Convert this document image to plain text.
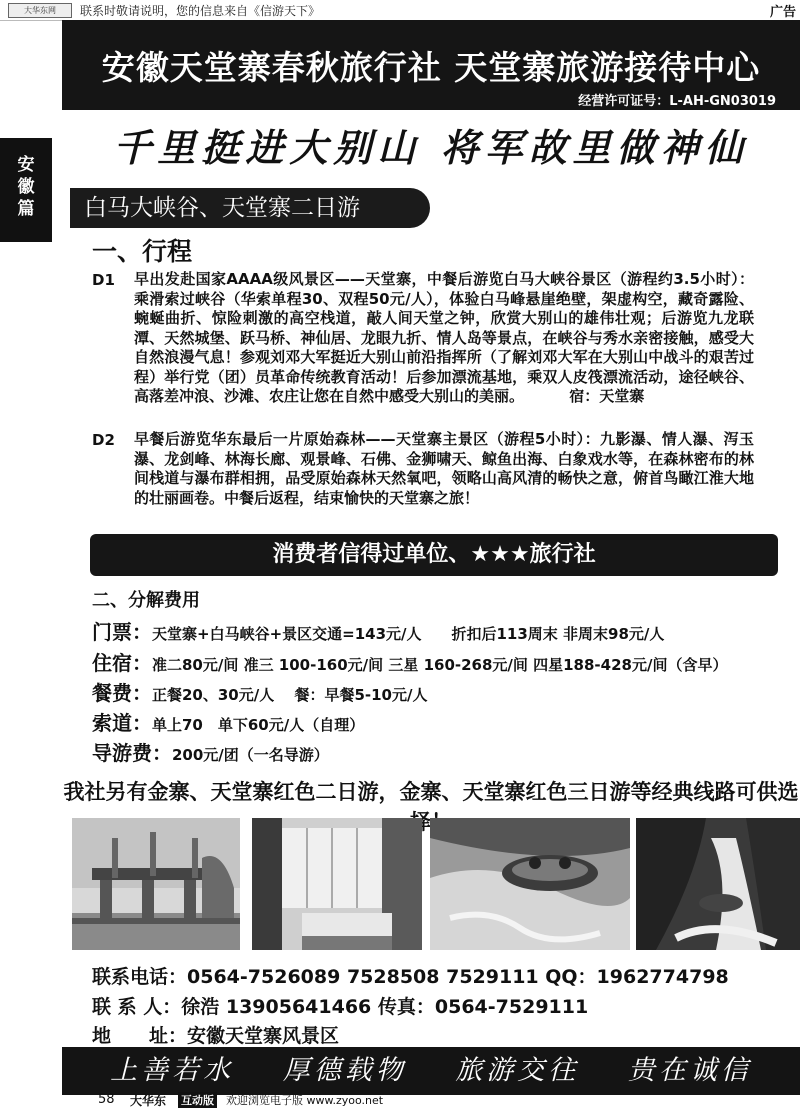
大华东网	联系时敬请说明，您的信息来自《信游天下》	广告
安徽天堂寨春秋旅行社 天堂寨旅游接待中心
经营许可证号：L-AH-GN03019
安
徽
篇
千里挺进大别山 将军故里做神仙
白马大峡谷、天堂寨二日游
一、行程
D1 早出发赴国家AAAA级风景区——天堂寨，中餐后游览白马大峡谷景区（游程约3.5小时）：乘滑索过峡谷（华索单程30、双程50元/人），体验白马峰悬崖绝壁，架虚构空，藏奇露险、蜿蜒曲折、惊险刺激的高空栈道，敲人间天堂之钟，欣赏大别山的雄伟壮观；后游览九龙联潭、天然城堡、跃马桥、神仙居、龙眼九折、情人岛等景点，在峡谷与秀水亲密接触，感受大自然浪漫气息！参观刘邓大军挺近大别山前沿指挥所（了解刘邓大军在大别山中战斗的艰苦过程）举行党（团）员革命传统教育活动！后参加漂流基地，乘双人皮筏漂流活动，途径峡谷、高落差冲浪、沙滩、农庄让您在自然中感受大别山的美丽。	宿：天堂寨
D2 早餐后游览华东最后一片原始森林——天堂寨主景区（游程5小时）：九影瀑、情人瀑、泻玉瀑、龙剑峰、林海长廊、观景峰、石佛、金狮啸天、鲸鱼出海、白象戏水等，在森林密布的林间栈道与瀑布群相拥，品受原始森林天然氧吧，领略山高风清的畅快之意，俯首鸟瞰江淮大地的壮丽画卷。中餐后返程，结束愉快的天堂寨之旅！
消费者信得过单位、★★★旅行社
二、分解费用
门票：天堂寨+白马峡谷+景区交通=143元/人　　折扣后113周末 非周末98元/人
住宿：准二80元/间 准三 100-160元/间 三星 160-268元/间 四星188-428元/间（含早）
餐费：正餐20、30元/人　 餐：早餐5-10元/人
索道：单上70　单下60元/人（自理）
导游费：200元/团（一名导游）
我社另有金寨、天堂寨红色二日游，金寨、天堂寨红色三日游等经典线路可供选
联系电话：0564-7526089 7528508 7529111 QQ：1962774798
联 系 人：徐浩 13905641466 传真：0564-7529111
地　　址：安徽天堂寨风景区
上善若水 厚德载物 旅游交往 贵在诚信
58 大华东 互动版 欢迎浏览电子版 www.zyoo.net
